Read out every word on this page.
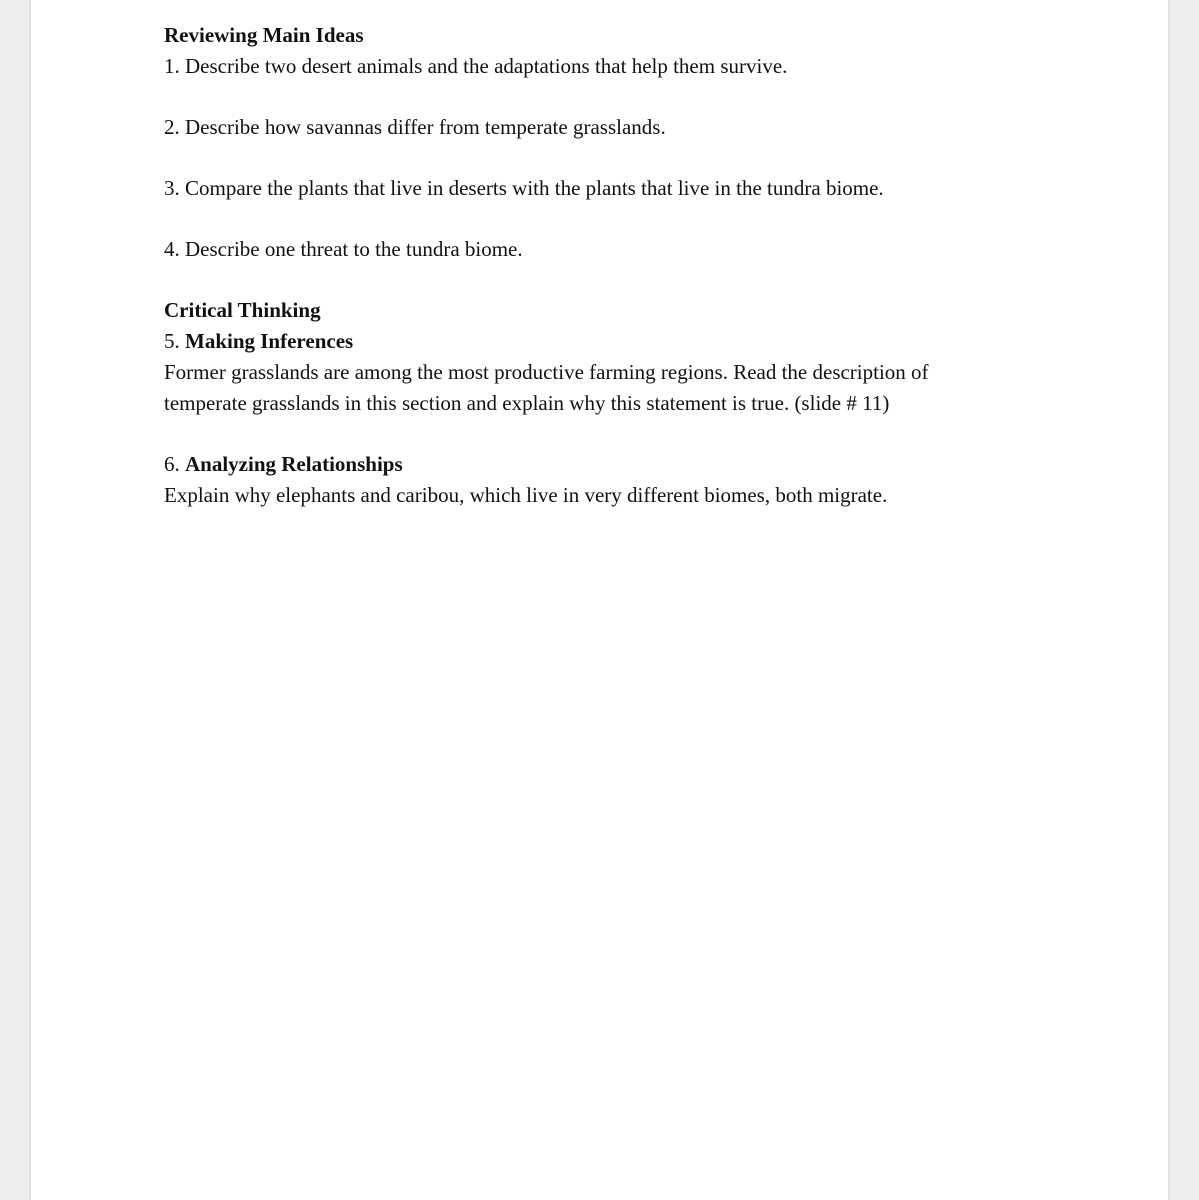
Reviewing Main Ideas

1. Describe two desert animals and the adaptations that help them survive.

2. Describe how savannas differ from temperate grasslands.

3. Compare the plants that live in deserts with the plants that live in the tundra biome.

4. Describe one threat to the tundra biome.

Critical Thinking

5. Making Inferences

Former grasslands are among the most productive farming regions. Read the description of

temperate grasslands in this section and explain why this statement is true. (slide # 11)

6. Analyzing Relationships

Explain why elephants and caribou, which live in very different biomes, both migrate.
